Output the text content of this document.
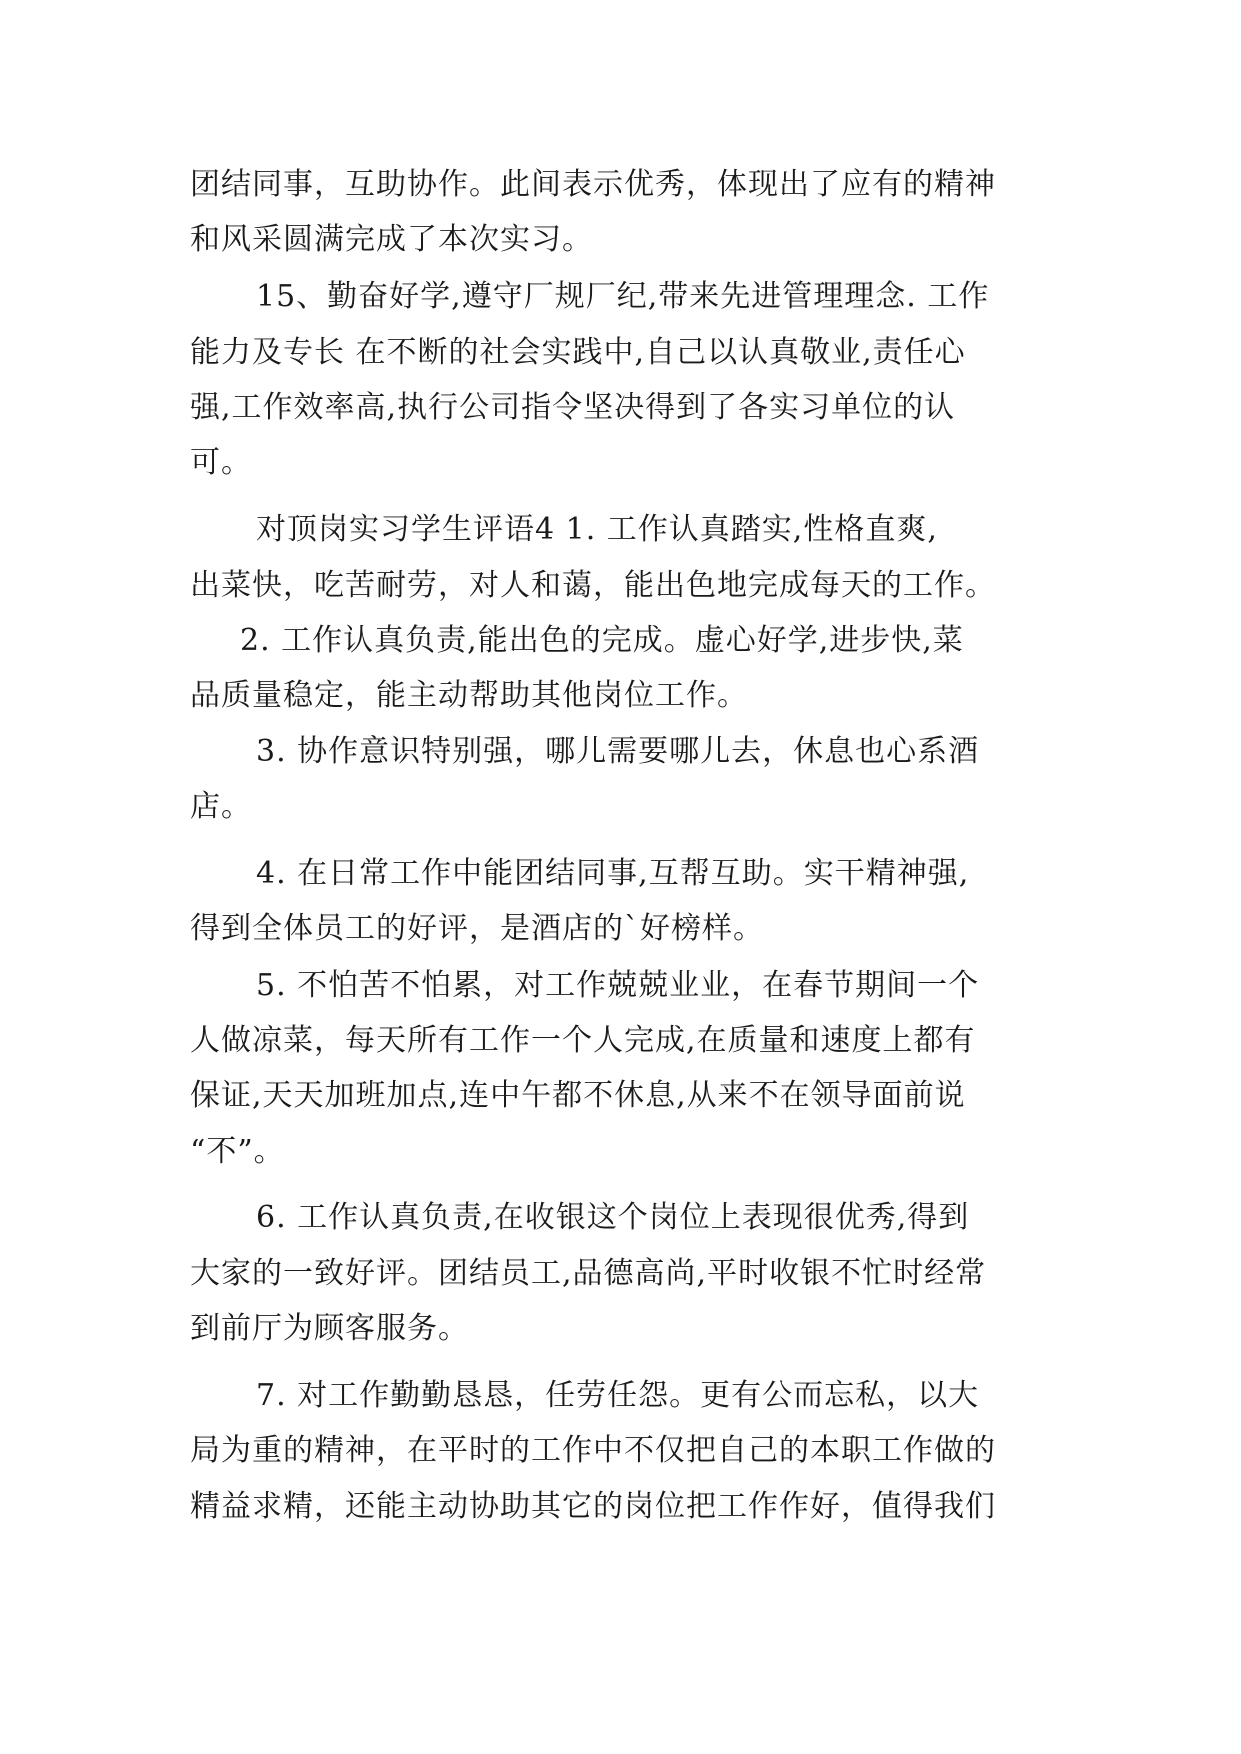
团结同事，互助协作。此间表示优秀，体现出了应有的精神
和风采圆满完成了本次实习。
15、勤奋好学,遵守厂规厂纪,带来先进管理理念. 工作
能力及专长 在不断的社会实践中,自己以认真敬业,责任心
强,工作效率高,执行公司指令坚决得到了各实习单位的认
可。
对顶岗实习学生评语4 1. 工作认真踏实,性格直爽,
出菜快，吃苦耐劳，对人和蔼，能出色地完成每天的工作。
2. 工作认真负责,能出色的完成。虚心好学,进步快,菜
品质量稳定，能主动帮助其他岗位工作。
3. 协作意识特别强，哪儿需要哪儿去，休息也心系酒
店。
4. 在日常工作中能团结同事,互帮互助。实干精神强,
得到全体员工的好评，是酒店的`好榜样。
5. 不怕苦不怕累，对工作兢兢业业，在春节期间一个
人做凉菜，每天所有工作一个人完成,在质量和速度上都有
保证,天天加班加点,连中午都不休息,从来不在领导面前说
“不”。
6. 工作认真负责,在收银这个岗位上表现很优秀,得到
大家的一致好评。团结员工,品德高尚,平时收银不忙时经常
到前厅为顾客服务。
7. 对工作勤勤恳恳，任劳任怨。更有公而忘私，以大
局为重的精神，在平时的工作中不仅把自己的本职工作做的
精益求精，还能主动协助其它的岗位把工作作好，值得我们
